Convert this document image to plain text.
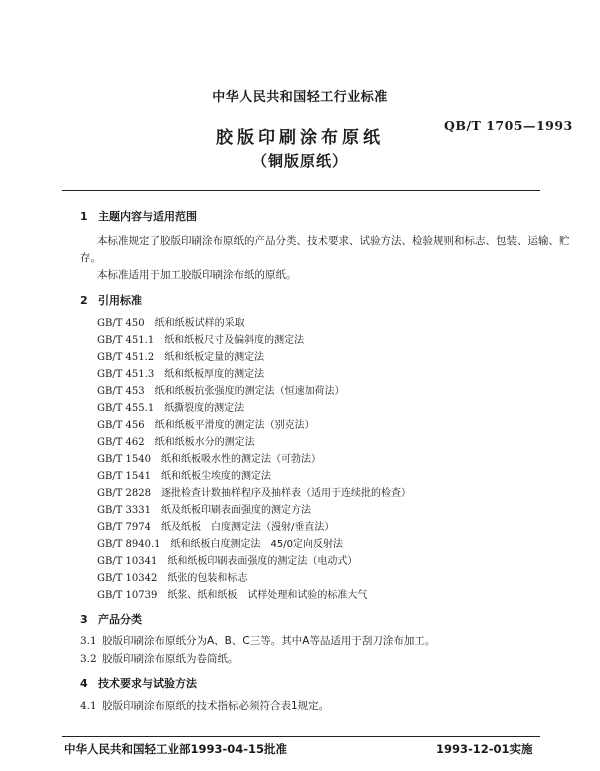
中华人民共和国轻工行业标准
QB/T 1705—1993
胶版印刷涂布原纸
（铜版原纸）
1 主题内容与适用范围
本标准规定了胶版印刷涂布原纸的产品分类、技术要求、试验方法、检验规则和标志、包装、运输、贮
存。
本标准适用于加工胶版印刷涂布纸的原纸。
2 引用标准
GB/T 450　 纸和纸板试样的采取
GB/T 451.1　 纸和纸板尺寸及偏斜度的测定法
GB/T 451.2　 纸和纸板定量的测定法
GB/T 451.3　 纸和纸板厚度的测定法
GB/T 453　 纸和纸板抗张强度的测定法（恒速加荷法）
GB/T 455.1　 纸撕裂度的测定法
GB/T 456　 纸和纸板平滑度的测定法（别克法）
GB/T 462　 纸和纸板水分的测定法
GB/T 1540　 纸和纸板吸水性的测定法（可勃法）
GB/T 1541　 纸和纸板尘埃度的测定法
GB/T 2828　 逐批检查计数抽样程序及抽样表（适用于连续批的检查）
GB/T 3331　 纸及纸板印刷表面强度的测定方法
GB/T 7974　 纸及纸板　白度测定法（漫射/垂直法）
GB/T 8940.1　 纸和纸板白度测定法　45/0定向反射法
GB/T 10341　 纸和纸板印刷表面强度的测定法（电动式）
GB/T 10342　 纸张的包装和标志
GB/T 10739　 纸浆、纸和纸板　试样处理和试验的标准大气
3 产品分类
3.1 胶版印刷涂布原纸分为A、B、C三等。其中A等品适用于刮刀涂布加工。
3.2 胶版印刷涂布原纸为卷筒纸。
4 技术要求与试验方法
4.1 胶版印刷涂布原纸的技术指标必须符合表1规定。
中华人民共和国轻工业部1993-04-15批准	1993-12-01实施
